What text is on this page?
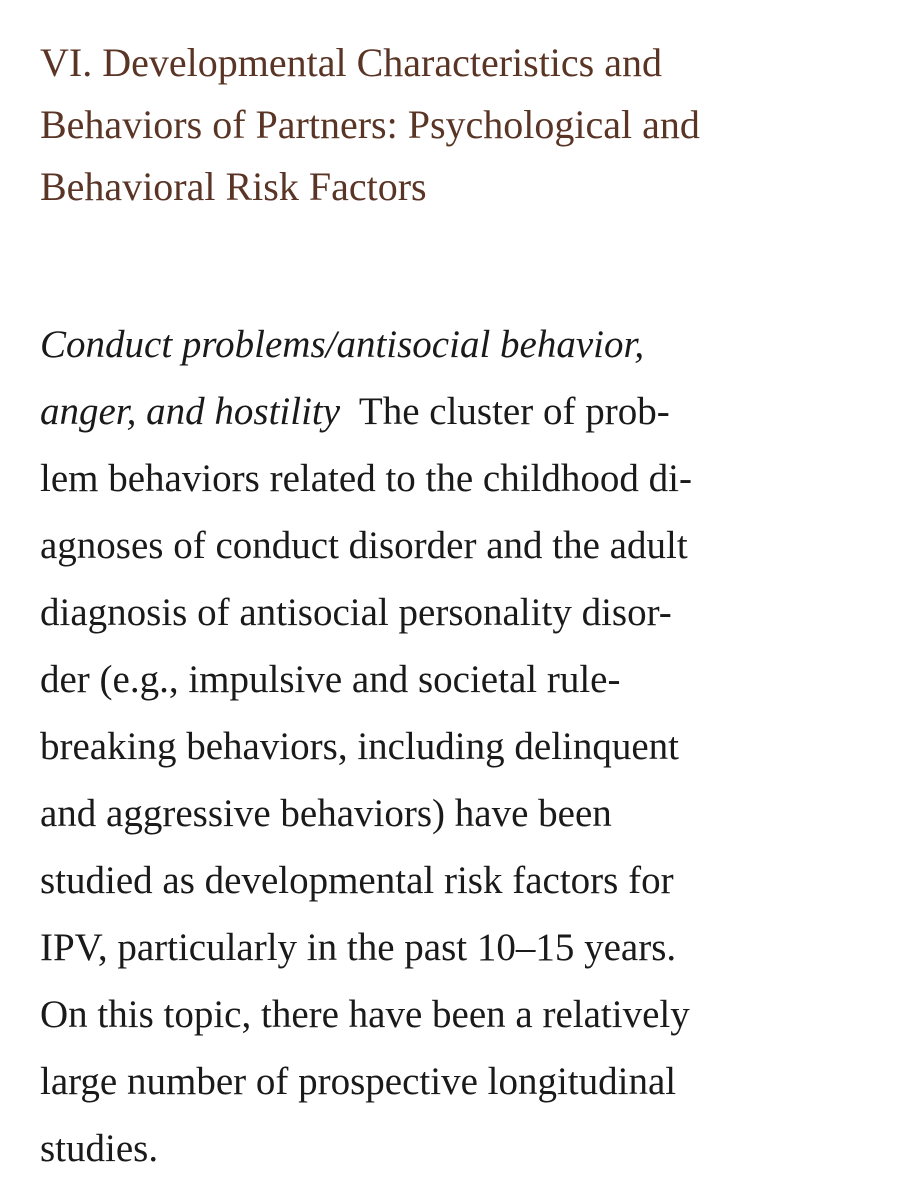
VI. Developmental Characteristics and
Behaviors of Partners: Psychological and
Behavioral Risk Factors

Conduct problems/antisocial behavior,
anger, and hostility The cluster of prob-
lem behaviors related to the childhood di-
agnoses of conduct disorder and the adult
diagnosis of antisocial personality disor-
der (e.g., impulsive and societal rule-
breaking behaviors, including delinquent
and aggressive behaviors) have been
studied as developmental risk factors for
IPV, particularly in the past 10–15 years.
On this topic, there have been a relatively
large number of prospective longitudinal
studies.
